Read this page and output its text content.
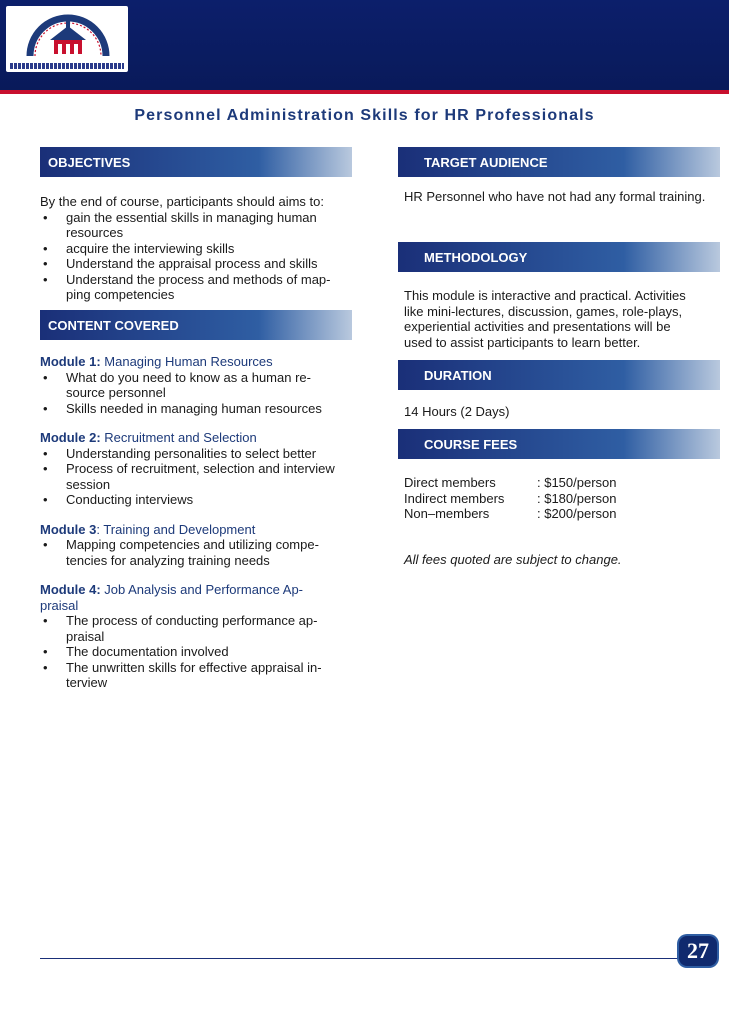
Personnel Administration Skills for HR Professionals
OBJECTIVES

By the end of course, participants should aims to:

• gain the essential skills in managing human
resources
• acquire the interviewing skills
• Understand the appraisal process and skills
• Understand the process and methods of map-
ping competencies
CONTENT COVERED

Module 1: Managing Human Resources

• What do you need to know as a human re-
source personnel
• Skills needed in managing human resources

Module 2: Recruitment and Selection

• Understanding personalities to select better
• Process of recruitment, selection and interview
session
• Conducting interviews

Module 3: Training and Development

• Mapping competencies and utilizing compe-
tencies for analyzing training needs

Module 4: Job Analysis and Performance Ap-
praisal

• The process of conducting performance ap-
praisal
• The documentation involved
• The unwritten skills for effective appraisal in-
terview
TARGET AUDIENCE

HR Personnel who have not had any formal training.

METHODOLOGY

This module is interactive and practical. Activities

like mini-lectures, discussion, games, role-plays,

experiential activities and presentations will be

used to assist participants to learn better.

DURATION

14 Hours (2 Days)

COURSE FEES
Direct members	: $150/person
Indirect members	: $180/person
Non–members	: $200/person

All fees quoted are subject to change.

27
